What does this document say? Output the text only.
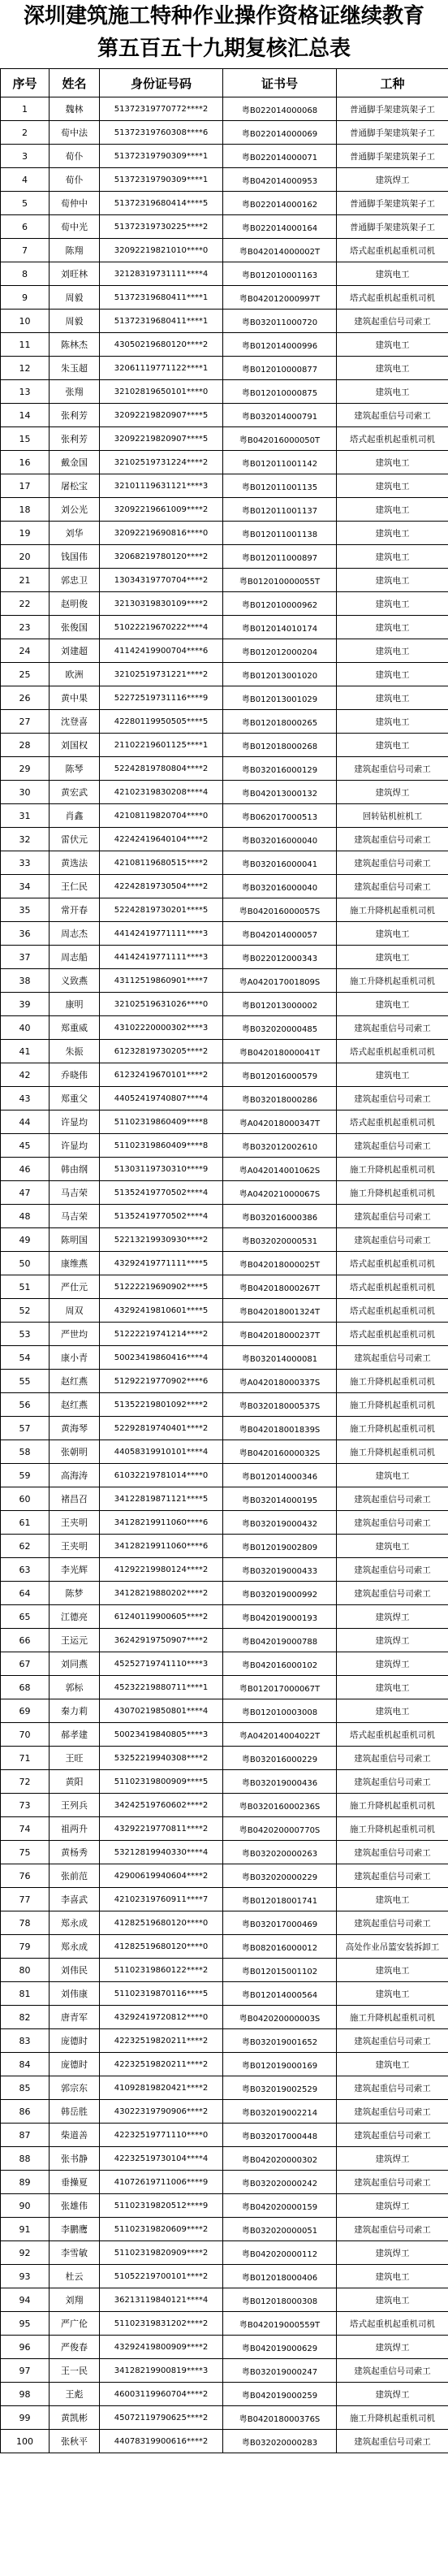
深圳建筑施工特种作业操作资格证继续教育
第五百五十九期复核汇总表
序号	姓名	身份证号码	证书号	工种
1	魏林	51372319770772****2	粤B022014000068	普通脚手架建筑架子工
2	荀中法	51372319760308****6	粤B022014000069	普通脚手架建筑架子工
3	荀仆	51372319790309****1	粤B022014000071	普通脚手架建筑架子工
4	荀仆	51372319790309****1	粤B042014000953	建筑焊工
5	荀仲中	51372319680414****5	粤B022014000162	普通脚手架建筑架子工
6	荀中光	51372319730225****2	粤B022014000164	普通脚手架建筑架子工
7	陈翔	32092219821010****0	粤B042014000002T	塔式起重机起重机司机
8	刘旺林	32128319731111****4	粤B012010001163	建筑电工
9	周毅	51372319680411****1	粤B042012000997T	塔式起重机起重机司机
10	周毅	51372319680411****1	粤B032011000720	建筑起重信号司索工
11	陈林杰	43050219680120****2	粤B012014000996	建筑电工
12	朱玉超	32061119771122****1	粤B012010000877	建筑电工
13	张翔	32102819650101****0	粤B012010000875	建筑电工
14	张利芳	32092219820907****5	粤B032014000791	建筑起重信号司索工
15	张利芳	32092219820907****5	粤B042016000050T	塔式起重机起重机司机
16	戴金国	32102519731224****2	粤B012011001142	建筑电工
17	屠松宝	32101119631121****3	粤B012011001135	建筑电工
18	刘公光	32092219661009****2	粤B012011001137	建筑电工
19	刘华	32092219690816****0	粤B012011001138	建筑电工
20	钱国伟	32068219780120****2	粤B012011000897	建筑电工
21	郭忠卫	13034319770704****2	粤B012010000055T	建筑电工
22	赵明俊	32130319830109****2	粤B012010000962	建筑电工
23	张俊国	51022219670222****4	粤B012014010174	建筑电工
24	刘建超	41142419900704****6	粤B012012000204	建筑电工
25	欧洲	32102519731221****2	粤B012013001020	建筑电工
26	黄中果	52272519731116****9	粤B012013001029	建筑电工
27	沈登喜	42280119950505****5	粤B012018000265	建筑电工
28	刘国权	21102219601125****1	粤B012018000268	建筑电工
29	陈琴	52242819780804****2	粤B032016000129	建筑起重信号司索工
30	黄宏武	42102319830208****4	粤B042013000132	建筑焊工
31	肖鑫	42108119820704****0	粤B062017000513	回转钻机桩机工
32	雷伏元	42242419640104****2	粤B032016000040	建筑起重信号司索工
33	黄选法	42108119680515****2	粤B032016000041	建筑起重信号司索工
34	王仁民	42242819730504****2	粤B032016000040	建筑起重信号司索工
35	常开春	52242819730201****5	粤B042016000057S	施工升降机起重机司机
36	周志杰	44142419771111****3	粤B042014000057	建筑电工
37	周志船	44142419771111****3	粤B022012000343	建筑电工
38	义致燕	43112519860901****7	粤A042017001809S	施工升降机起重机司机
39	康明	32102519631026****0	粤B012013000002	建筑电工
40	郑重威	43102220000302****3	粤B032020000485	建筑起重信号司索工
41	朱振	61232819730205****2	粤B042018000041T	塔式起重机起重机司机
42	乔晓伟	61232419670101****2	粤B012016000579	建筑电工
43	郑重父	44052419740807****4	粤B032018000286	建筑起重信号司索工
44	许显均	51102319860409****8	粤A042018000347T	塔式起重机起重机司机
45	许显均	51102319860409****8	粤B032012002610	建筑起重信号司索工
46	韩由纲	51303119730310****9	粤A042014001062S	施工升降机起重机司机
47	马吉荣	51352419770502****4	粤A042021000067S	施工升降机起重机司机
48	马吉荣	51352419770502****4	粤B032016000386	建筑起重信号司索工
49	陈明国	52213219930930****2	粤B032020000531	建筑起重信号司索工
50	康维燕	43292419771111****5	粤B042018000025T	塔式起重机起重机司机
51	严仕元	51222219690902****5	粤B042018000267T	塔式起重机起重机司机
52	周双	43292419810601****5	粤B042018001324T	塔式起重机起重机司机
53	严世均	51222219741214****2	粤B042018000237T	塔式起重机起重机司机
54	康小青	50023419860416****4	粤B032014000081	建筑起重信号司索工
55	赵红燕	51292219770902****6	粤A042018000337S	施工升降机起重机司机
56	赵红燕	51352219801092****2	粤B032018000537S	施工升降机起重机司机
57	黄海琴	52292819740401****2	粤B042018001839S	施工升降机起重机司机
58	张朝明	44058319910101****4	粤B042016000032S	施工升降机起重机司机
59	高海涛	61032219781014****0	粤B012014000346	建筑电工
60	褚昌召	34122819871121****5	粤B032014000195	建筑起重信号司索工
61	王夹明	34128219911060****6	粤B032019000432	建筑起重信号司索工
62	王夹明	34128219911060****6	粤B012019002809	建筑电工
63	李光辉	41292219980124****2	粤B032019000433	建筑起重信号司索工
64	陈梦	34128219880202****2	粤B032019000992	建筑起重信号司索工
65	江德亮	61240119900605****2	粤B042019000193	建筑焊工
66	王运元	36242919750907****2	粤B042019000788	建筑焊工
67	刘同燕	45252719741110****3	粤B042016000102	建筑焊工
68	郭标	45232219880711****1	粤B012017000067T	建筑电工
69	秦力莉	43070219850801****4	粤B012010003008	建筑电工
70	郝孝建	50023419840805****3	粤A042014004022T	塔式起重机起重机司机
71	王旺	53252219940308****2	粤B032016000229	建筑起重信号司索工
72	黄阳	51102319800909****5	粤B032019000436	建筑起重信号司索工
73	王列兵	34242519760602****2	粤B032016000236S	施工升降机起重机司机
74	祖两升	43292219770811****2	粤B042020000770S	施工升降机起重机司机
75	黄杨秀	53212819940330****4	粤B032020000263	建筑起重信号司索工
76	张前范	42900619940604****2	粤B032020000229	建筑起重信号司索工
77	李喜武	42102319760911****7	粤B012018001741	建筑电工
78	郑永成	41282519680120****0	粤B032017000469	建筑起重信号司索工
79	郑永成	41282519680120****0	粤B082016000012	高处作业吊篮安装拆卸工
80	刘伟民	51102319860122****2	粤B012015001102	建筑电工
81	刘伟康	51102319870116****5	粤B012014000564	建筑电工
82	唐青军	43292419720812****0	粤B042020000003S	施工升降机起重机司机
83	庞德时	42232519820211****2	粤B032019001652	建筑起重信号司索工
84	庞德时	42232519820211****2	粤B012019000169	建筑电工
85	郭宗东	41092819820421****2	粤B032019002529	建筑起重信号司索工
86	韩岳胜	43022319790906****2	粤B032019002214	建筑起重信号司索工
87	柴道善	42232519771110****0	粤B032017000448	建筑起重信号司索工
88	张书静	42232519730104****4	粤B042020000302	建筑焊工
89	垂操夏	41072619711006****9	粤B032020000242	建筑起重信号司索工
90	张雄伟	51102319820512****9	粤B042020000159	建筑焊工
91	李鹏鹰	51102319820609****2	粤B032020000051	建筑起重信号司索工
92	李雪敏	51102319820909****2	粤B042020000112	建筑焊工
93	杜云	51052219700101****2	粤B012018000406	建筑电工
94	刘翔	36213119840121****4	粤B012018000308	建筑电工
95	严广伦	51102319831202****2	粤B042019000559T	塔式起重机起重机司机
96	严俊春	43292419800909****2	粤B042019000629	建筑焊工
97	王一民	34128219900819****3	粤B032019000247	建筑起重信号司索工
98	王彪	46003119960704****2	粤B042019000259	建筑焊工
99	黄凯彬	45072119790625****2	粤B042018000376S	施工升降机起重机司机
100	张秋平	44078319900616****2	粤B032020000283	建筑起重信号司索工
